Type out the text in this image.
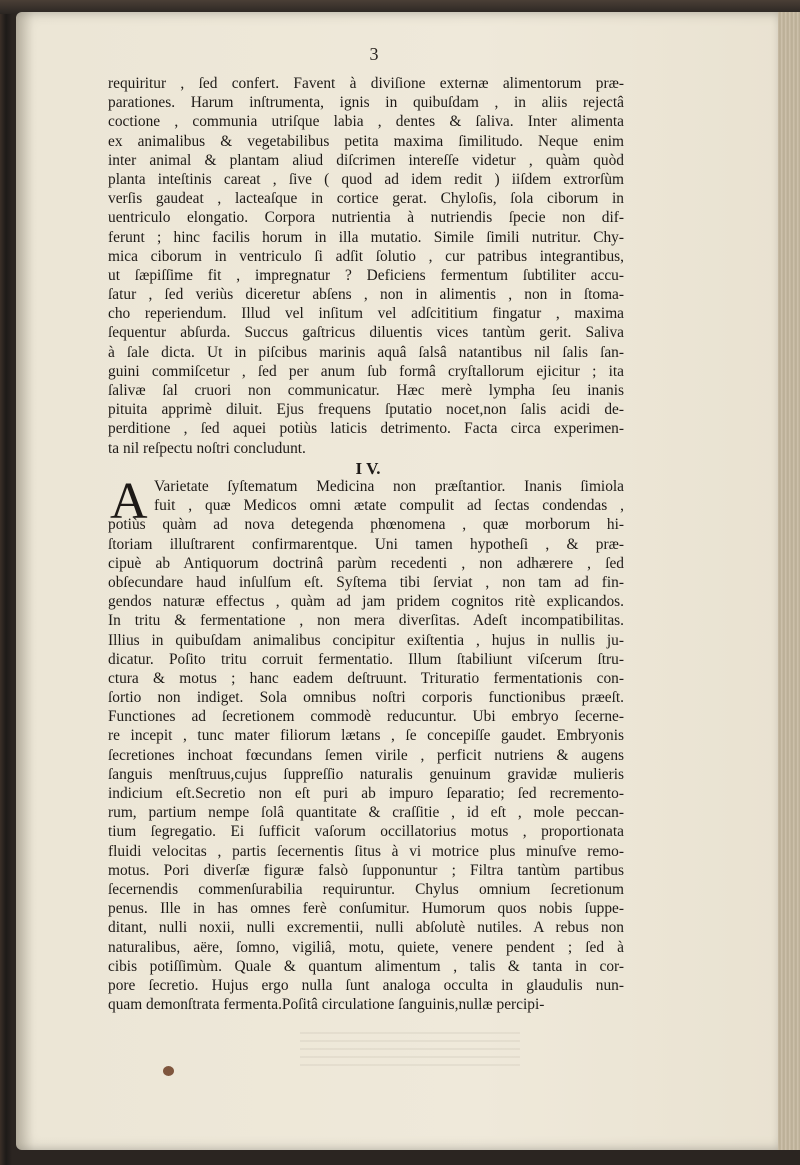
3
requiritur , ſed confert. Favent à diviſione externæ alimentorum præ-
parationes. Harum inſtrumenta, ignis in quibuſdam , in aliis rejectâ
coctione , communia utriſque labia , dentes & ſaliva. Inter alimenta
ex animalibus & vegetabilibus petita maxima ſimilitudo. Neque enim
inter animal & plantam aliud diſcrimen intereſſe videtur , quàm quòd
planta inteſtinis careat , ſive ( quod ad idem redit ) iiſdem extrorſùm
verſis gaudeat , lacteaſque in cortice gerat. Chyloſis, ſola ciborum in
uentriculo elongatio. Corpora nutrientia à nutriendis ſpecie non dif-
ferunt ; hinc facilis horum in illa mutatio. Simile ſimili nutritur. Chy-
mica ciborum in ventriculo ſi adſit ſolutio , cur patribus integrantibus,
ut ſæpiſſime fit , impregnatur ? Deficiens fermentum ſubtiliter accu-
ſatur , ſed veriùs diceretur abſens , non in alimentis , non in ſtoma-
cho reperiendum. Illud vel inſitum vel adſcititium fingatur , maxima
ſequentur abſurda. Succus gaſtricus diluentis vices tantùm gerit. Saliva
à ſale dicta. Ut in piſcibus marinis aquâ ſalsâ natantibus nil ſalis ſan-
guini commiſcetur , ſed per anum ſub formâ cryſtallorum ejicitur ; ita
ſalivæ ſal cruori non communicatur. Hæc merè lympha ſeu inanis
pituita apprimè diluit. Ejus frequens ſputatio nocet,non ſalis acidi de-
perditione , ſed aquei potiùs laticis detrimento. Facta circa experimen-
ta nil reſpectu noſtri concludunt.
I V.
A Varietate ſyſtematum Medicina non præſtantior. Inanis ſimiola
fuit , quæ Medicos omni ætate compulit ad ſectas condendas ,
potiùs quàm ad nova detegenda phœnomena , quæ morborum hi-
ſtoriam illuſtrarent confirmarentque. Uni tamen hypotheſi , & præ-
cipuè ab Antiquorum doctrinâ parùm recedenti , non adhærere , ſed
obſecundare haud inſulſum eſt. Syſtema tibi ſerviat , non tam ad fin-
gendos naturæ effectus , quàm ad jam pridem cognitos ritè explicandos.
In tritu & fermentatione , non mera diverſitas. Adeſt incompatibilitas.
Illius in quibuſdam animalibus concipitur exiſtentia , hujus in nullis ju-
dicatur. Poſito tritu corruit fermentatio. Illum ſtabiliunt viſcerum ſtru-
ctura & motus ; hanc eadem deſtruunt. Trituratio fermentationis con-
ſortio non indiget. Sola omnibus noſtri corporis functionibus præeſt.
Functiones ad ſecretionem commodè reducuntur. Ubi embryo ſecerne-
re incepit , tunc mater filiorum lætans , ſe concepiſſe gaudet. Embryonis
ſecretiones inchoat fœcundans ſemen virile , perficit nutriens & augens
ſanguis menſtruus,cujus ſuppreſſio naturalis genuinum gravidæ mulieris
indicium eſt.Secretio non eſt puri ab impuro ſeparatio; ſed recremento-
rum, partium nempe ſolâ quantitate & craſſitie , id eſt , mole peccan-
tium ſegregatio. Ei ſufficit vaſorum occillatorius motus , proportionata
fluidi velocitas , partis ſecernentis ſitus à vi motrice plus minuſve remo-
motus. Pori diverſæ figuræ falsò ſupponuntur ; Filtra tantùm partibus
ſecernendis commenſurabilia requiruntur. Chylus omnium ſecretionum
penus. Ille in has omnes ferè conſumitur. Humorum quos nobis ſuppe-
ditant, nulli noxii, nulli excrementii, nulli abſolutè nutiles. A rebus non
naturalibus, aëre, ſomno, vigiliâ, motu, quiete, venere pendent ; ſed à
cibis potiſſimùm. Quale & quantum alimentum , talis & tanta in cor-
pore ſecretio. Hujus ergo nulla ſunt analoga occulta in glaudulis nun-
quam demonſtrata fermenta.Poſitâ circulatione ſanguinis,nullæ percipi-
